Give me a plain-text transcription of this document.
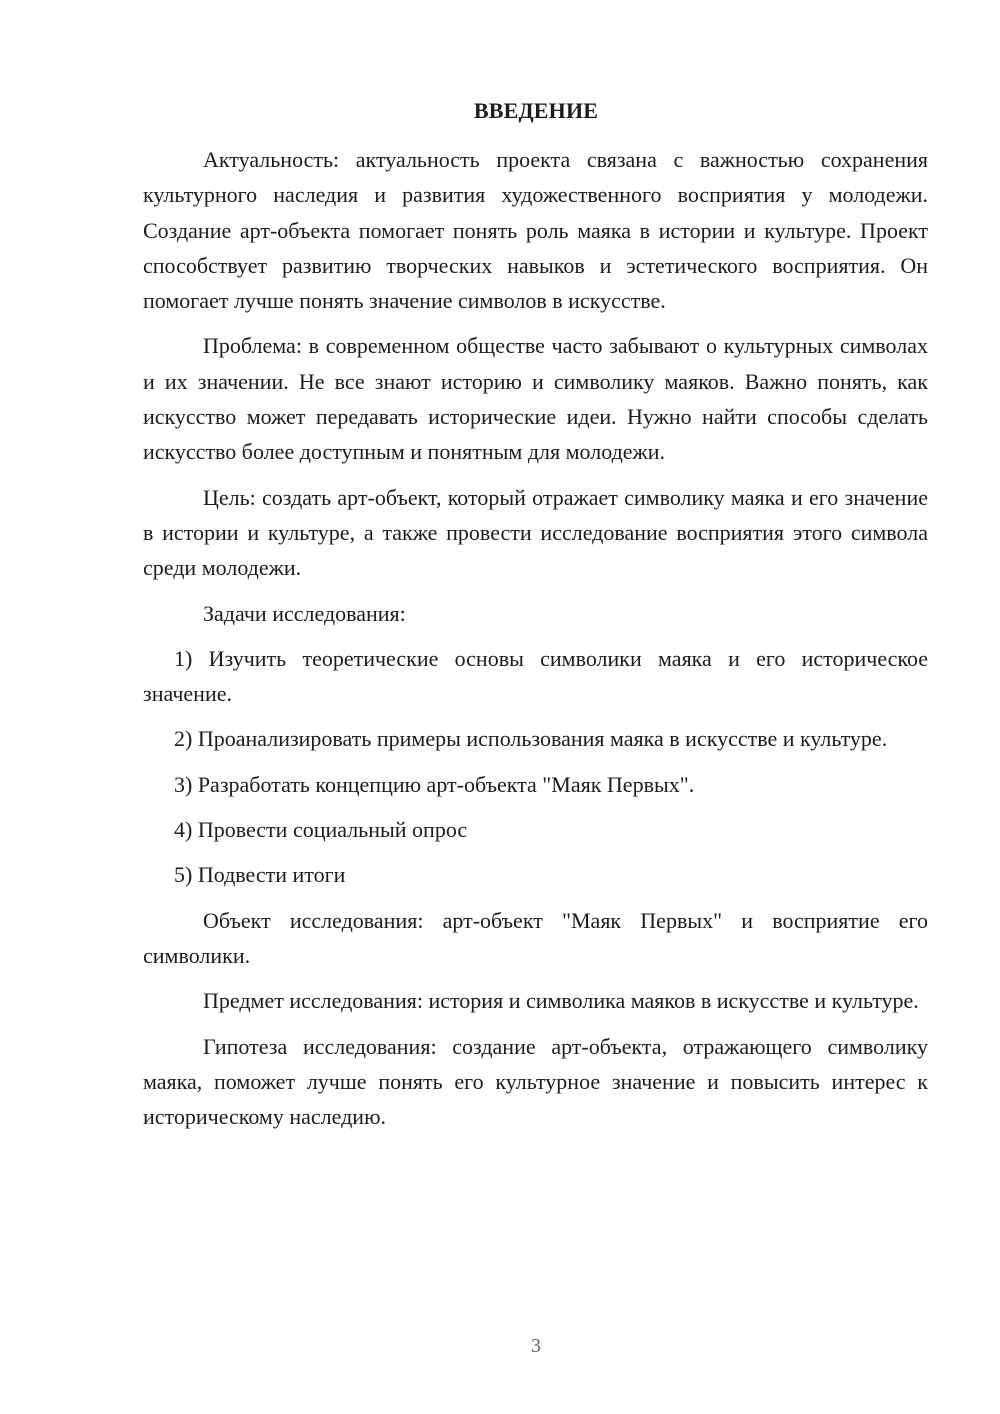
ВВЕДЕНИЕ

Актуальность: актуальность проекта связана с важностью сохранения культурного наследия и развития художественного восприятия у молодежи. Создание арт-объекта помогает понять роль маяка в истории и культуре. Проект способствует развитию творческих навыков и эстетического восприятия. Он помогает лучше понять значение символов в искусстве.

Проблема: в современном обществе часто забывают о культурных символах и их значении. Не все знают историю и символику маяков. Важно понять, как искусство может передавать исторические идеи. Нужно найти способы сделать искусство более доступным и понятным для молодежи.

Цель: создать арт-объект, который отражает символику маяка и его значение в истории и культуре, а также провести исследование восприятия этого символа среди молодежи.

Задачи исследования:

1) Изучить теоретические основы символики маяка и его историческое значение.

2) Проанализировать примеры использования маяка в искусстве и культуре.

3) Разработать концепцию арт-объекта "Маяк Первых".

4) Провести социальный опрос

5) Подвести итоги

Объект исследования: арт-объект "Маяк Первых" и восприятие его символики.

Предмет исследования: история и символика маяков в искусстве и культуре.

Гипотеза исследования: создание арт-объекта, отражающего символику маяка, поможет лучше понять его культурное значение и повысить интерес к историческому наследию.

3
